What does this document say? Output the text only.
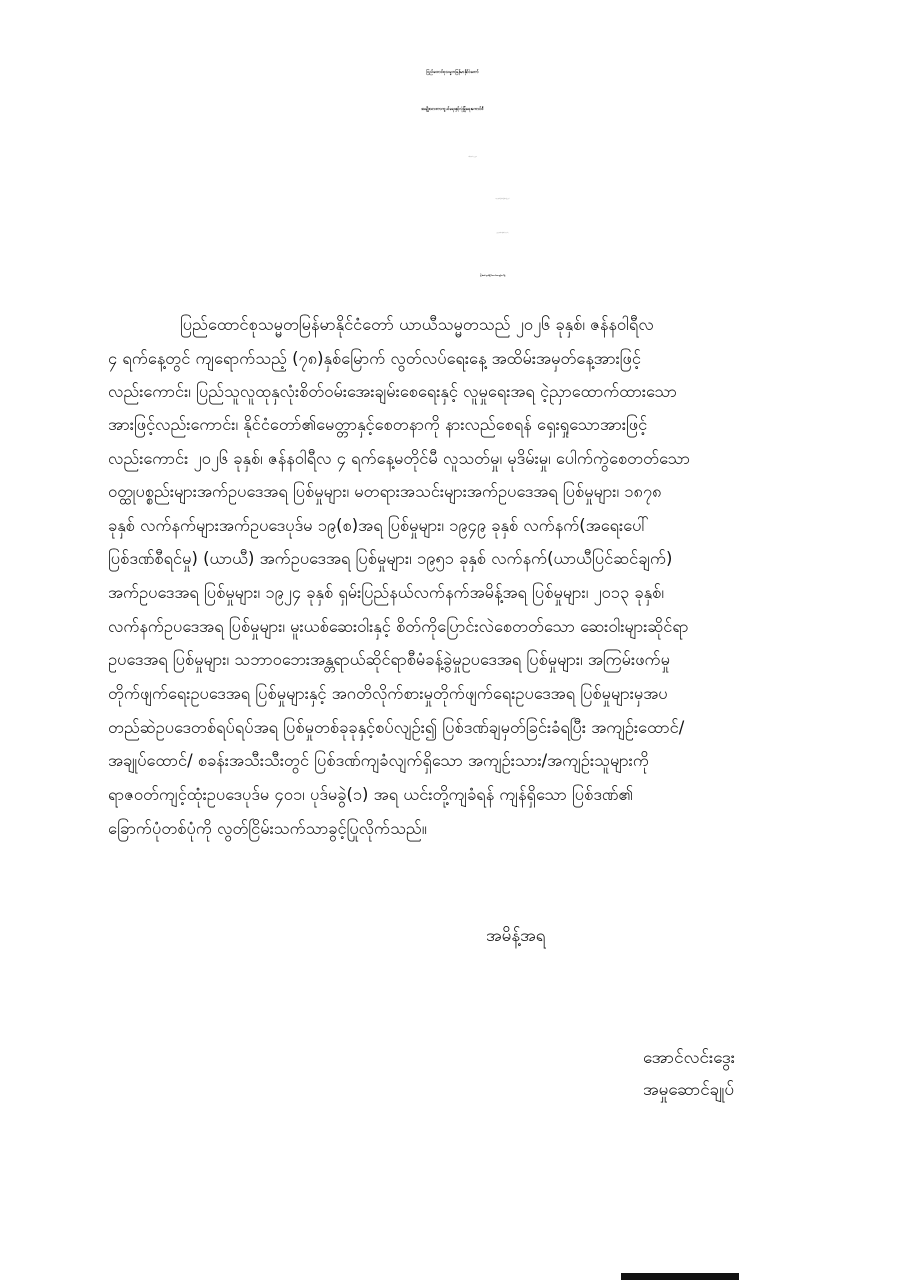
ပြည်ထောင်စုသမ္မတမြန်မာနိုင်ငံတော်

အမျိုးသားကာကွယ်ရေးနှင့်လုံခြုံရေးကောင်စီ

အမိန့်အမှတ် ၁ / ၂၀၂၆

၁၃၈၇ ခုနှစ်၊ ပြာသိုလပြည့်ကျော် ၂ ရက်

(၂၀၂၆ ခုနှစ်၊ ဇန်နဝါရီလ ၄ ရက်)

ပြစ်ဒဏ်လွတ်ငြိမ်းသက်သာခွင့်အမိန့်

ပြည်ထောင်စုသမ္မတမြန်မာနိုင်ငံတော် ယာယီသမ္မတသည် ၂၀၂၆ ခုနှစ်၊ ဇန်နဝါရီလ

၄ ရက်နေ့တွင် ကျရောက်သည့် (၇၈)နှစ်မြောက် လွတ်လပ်ရေးနေ့ အထိမ်းအမှတ်နေ့အားဖြင့်

လည်းကောင်း၊ ပြည်သူလူထုနှလုံးစိတ်ဝမ်းအေးချမ်းစေရေးနှင့် လူမှုရေးအရ ငဲ့ညှာထောက်ထားသော

အားဖြင့်လည်းကောင်း၊ နိုင်ငံတော်၏မေတ္တာနှင့်စေတနာကို နားလည်စေရန် ရှေးရှုသောအားဖြင့်

လည်းကောင်း ၂၀၂၆ ခုနှစ်၊ ဇန်နဝါရီလ ၄ ရက်နေ့မတိုင်မီ လူသတ်မှု၊ မုဒိမ်းမှု၊ ပေါက်ကွဲစေတတ်သော

ဝတ္ထုပစ္စည်းများအက်ဥပဒေအရ ပြစ်မှုများ၊ မတရားအသင်းများအက်ဥပဒေအရ ပြစ်မှုများ၊ ၁၈၇၈

ခုနှစ် လက်နက်များအက်ဥပဒေပုဒ်မ ၁၉(စ)အရ ပြစ်မှုများ၊ ၁၉၄၉ ခုနှစ် လက်နက်(အရေးပေါ်

ပြစ်ဒဏ်စီရင်မှု) (ယာယီ) အက်ဥပဒေအရ ပြစ်မှုများ၊ ၁၉၅၁ ခုနှစ် လက်နက်(ယာယီပြင်ဆင်ချက်)

အက်ဥပဒေအရ ပြစ်မှုများ၊ ၁၉၂၄ ခုနှစ် ရှမ်းပြည်နယ်လက်နက်အမိန့်အရ ပြစ်မှုများ၊ ၂၀၁၃ ခုနှစ်၊

လက်နက်ဥပဒေအရ ပြစ်မှုများ၊ မူးယစ်ဆေးဝါးနှင့် စိတ်ကိုပြောင်းလဲစေတတ်သော ဆေးဝါးများဆိုင်ရာ

ဥပဒေအရ ပြစ်မှုများ၊ သဘာဝဘေးအန္တရာယ်ဆိုင်ရာစီမံခန့်ခွဲမှုဥပဒေအရ ပြစ်မှုများ၊ အကြမ်းဖက်မှု

တိုက်ဖျက်ရေးဥပဒေအရ ပြစ်မှုများနှင့် အဂတိလိုက်စားမှုတိုက်ဖျက်ရေးဥပဒေအရ ပြစ်မှုများမှအပ

တည်ဆဲဥပဒေတစ်ရပ်ရပ်အရ ပြစ်မှုတစ်ခုခုနှင့်စပ်လျဉ်း၍ ပြစ်ဒဏ်ချမှတ်ခြင်းခံရပြီး အကျဉ်းထောင်/

အချုပ်ထောင်/ စခန်းအသီးသီးတွင် ပြစ်ဒဏ်ကျခံလျက်ရှိသော အကျဉ်းသား/အကျဉ်းသူများကို

ရာဇဝတ်ကျင့်ထုံးဥပဒေပုဒ်မ ၄၀၁၊ ပုဒ်မခွဲ(၁) အရ ယင်းတို့ကျခံရန် ကျန်ရှိသော ပြစ်ဒဏ်၏

ခြောက်ပုံတစ်ပုံကို လွတ်ငြိမ်းသက်သာခွင့်ပြုလိုက်သည်။

အမိန့်အရ

အောင်လင်းဒွေး

အမှုဆောင်ချုပ်
